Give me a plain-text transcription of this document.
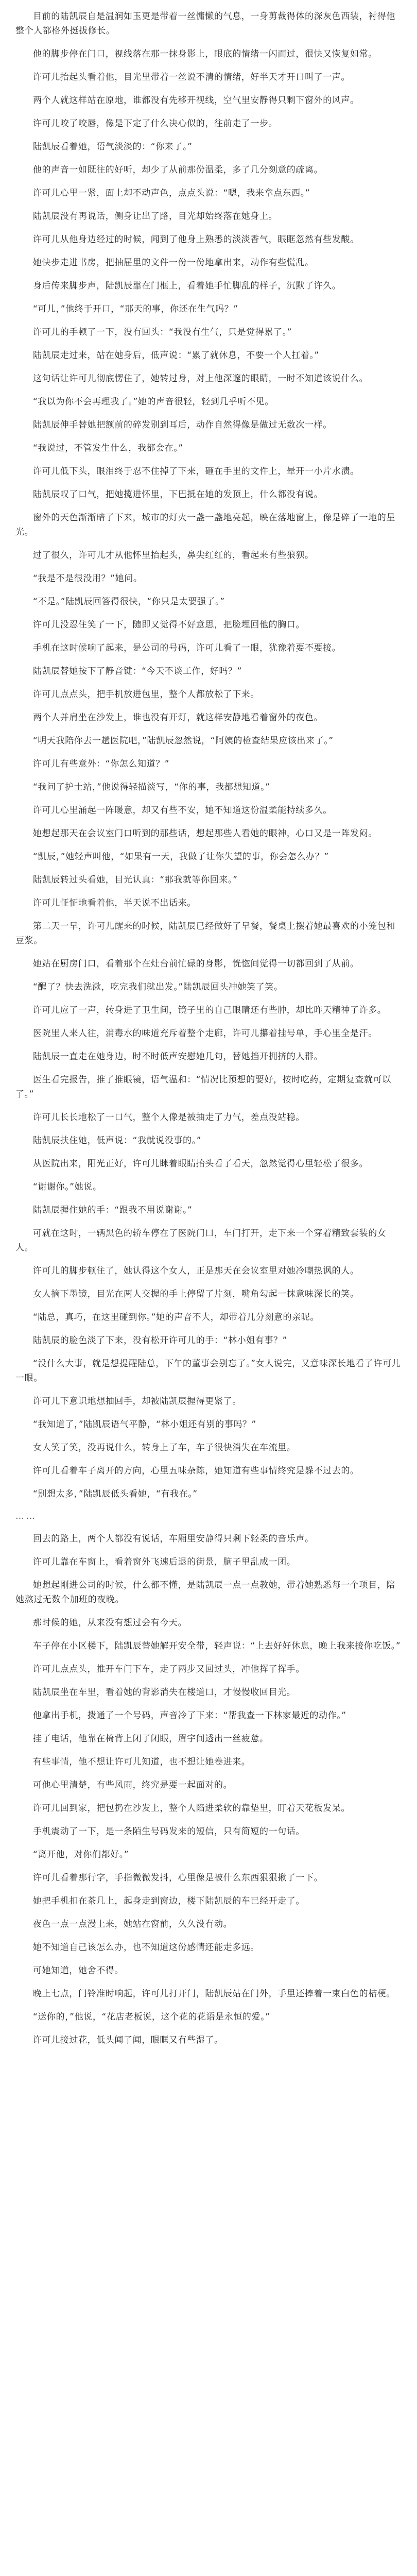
目前的陆凯辰自是温润如玉更是带着一丝慵懒的气息，一身剪裁得体的深灰色西装，衬得他整个人都格外挺拔修长。

他的脚步停在门口，视线落在那一抹身影上，眼底的情绪一闪而过，很快又恢复如常。

许可儿抬起头看着他，目光里带着一丝说不清的情绪，好半天才开口叫了一声。

两个人就这样站在原地，谁都没有先移开视线，空气里安静得只剩下窗外的风声。

许可儿咬了咬唇，像是下定了什么决心似的，往前走了一步。

陆凯辰看着她，语气淡淡的：“你来了。”

他的声音一如既往的好听，却少了从前那份温柔，多了几分刻意的疏离。

许可儿心里一紧，面上却不动声色，点点头说：“嗯，我来拿点东西。”

陆凯辰没有再说话，侧身让出了路，目光却始终落在她身上。

许可儿从他身边经过的时候，闻到了他身上熟悉的淡淡香气，眼眶忽然有些发酸。

她快步走进书房，把抽屉里的文件一份一份地拿出来，动作有些慌乱。

身后传来脚步声，陆凯辰靠在门框上，看着她手忙脚乱的样子，沉默了许久。

“可儿，”他终于开口，“那天的事，你还在生气吗？”

许可儿的手顿了一下，没有回头：“我没有生气，只是觉得累了。”

陆凯辰走过来，站在她身后，低声说：“累了就休息，不要一个人扛着。”

这句话让许可儿彻底愣住了，她转过身，对上他深邃的眼睛，一时不知道该说什么。

“我以为你不会再理我了。”她的声音很轻，轻到几乎听不见。

陆凯辰伸手替她把额前的碎发别到耳后，动作自然得像是做过无数次一样。

“我说过，不管发生什么，我都会在。”

许可儿低下头，眼泪终于忍不住掉了下来，砸在手里的文件上，晕开一小片水渍。

陆凯辰叹了口气，把她揽进怀里，下巴抵在她的发顶上，什么都没有说。

窗外的天色渐渐暗了下来，城市的灯火一盏一盏地亮起，映在落地窗上，像是碎了一地的星光。

过了很久，许可儿才从他怀里抬起头，鼻尖红红的，看起来有些狼狈。

“我是不是很没用？”她问。

“不是。”陆凯辰回答得很快，“你只是太要强了。”

许可儿没忍住笑了一下，随即又觉得不好意思，把脸埋回他的胸口。

手机在这时候响了起来，是公司的号码，许可儿看了一眼，犹豫着要不要接。

陆凯辰替她按下了静音键：“今天不谈工作，好吗？”

许可儿点点头，把手机放进包里，整个人都放松了下来。

两个人并肩坐在沙发上，谁也没有开灯，就这样安静地看着窗外的夜色。

“明天我陪你去一趟医院吧，”陆凯辰忽然说，“阿姨的检查结果应该出来了。”

许可儿有些意外：“你怎么知道？”

“我问了护士站，”他说得轻描淡写，“你的事，我都想知道。”

许可儿心里涌起一阵暖意，却又有些不安，她不知道这份温柔能持续多久。

她想起那天在会议室门口听到的那些话，想起那些人看她的眼神，心口又是一阵发闷。

“凯辰，”她轻声叫他，“如果有一天，我做了让你失望的事，你会怎么办？”

陆凯辰转过头看她，目光认真：“那我就等你回来。”

许可儿怔怔地看着他，半天说不出话来。

第二天一早，许可儿醒来的时候，陆凯辰已经做好了早餐，餐桌上摆着她最喜欢的小笼包和豆浆。

她站在厨房门口，看着那个在灶台前忙碌的身影，恍惚间觉得一切都回到了从前。

“醒了？快去洗漱，吃完我们就出发。”陆凯辰回头冲她笑了笑。

许可儿应了一声，转身进了卫生间，镜子里的自己眼睛还有些肿，却比昨天精神了许多。

医院里人来人往，消毒水的味道充斥着整个走廊，许可儿攥着挂号单，手心里全是汗。

陆凯辰一直走在她身边，时不时低声安慰她几句，替她挡开拥挤的人群。

医生看完报告，推了推眼镜，语气温和：“情况比预想的要好，按时吃药，定期复查就可以了。”

许可儿长长地松了一口气，整个人像是被抽走了力气，差点没站稳。

陆凯辰扶住她，低声说：“我就说没事的。”

从医院出来，阳光正好，许可儿眯着眼睛抬头看了看天，忽然觉得心里轻松了很多。

“谢谢你。”她说。

陆凯辰握住她的手：“跟我不用说谢谢。”

可就在这时，一辆黑色的轿车停在了医院门口，车门打开，走下来一个穿着精致套装的女人。

许可儿的脚步顿住了，她认得这个女人，正是那天在会议室里对她冷嘲热讽的人。

女人摘下墨镜，目光在两人交握的手上停留了片刻，嘴角勾起一抹意味深长的笑。

“陆总，真巧，在这里碰到你。”她的声音不大，却带着几分刻意的亲昵。

陆凯辰的脸色淡了下来，没有松开许可儿的手：“林小姐有事？”

“没什么大事，就是想提醒陆总，下午的董事会别忘了。”女人说完，又意味深长地看了许可儿一眼。

许可儿下意识地想抽回手，却被陆凯辰握得更紧了。

“我知道了，”陆凯辰语气平静，“林小姐还有别的事吗？”

女人笑了笑，没再说什么，转身上了车，车子很快消失在车流里。

许可儿看着车子离开的方向，心里五味杂陈，她知道有些事情终究是躲不过去的。

“别想太多，”陆凯辰低头看她，“有我在。”

……

回去的路上，两个人都没有说话，车厢里安静得只剩下轻柔的音乐声。

许可儿靠在车窗上，看着窗外飞速后退的街景，脑子里乱成一团。

她想起刚进公司的时候，什么都不懂，是陆凯辰一点一点教她，带着她熟悉每一个项目，陪她熬过无数个加班的夜晚。

那时候的她，从来没有想过会有今天。

车子停在小区楼下，陆凯辰替她解开安全带，轻声说：“上去好好休息，晚上我来接你吃饭。”

许可儿点点头，推开车门下车，走了两步又回过头，冲他挥了挥手。

陆凯辰坐在车里，看着她的背影消失在楼道口，才慢慢收回目光。

他拿出手机，拨通了一个号码，声音冷了下来：“帮我查一下林家最近的动作。”

挂了电话，他靠在椅背上闭了闭眼，眉宇间透出一丝疲惫。

有些事情，他不想让许可儿知道，也不想让她卷进来。

可他心里清楚，有些风雨，终究是要一起面对的。

许可儿回到家，把包扔在沙发上，整个人陷进柔软的靠垫里，盯着天花板发呆。

手机震动了一下，是一条陌生号码发来的短信，只有简短的一句话。

“离开他，对你们都好。”

许可儿看着那行字，手指微微发抖，心里像是被什么东西狠狠揪了一下。

她把手机扣在茶几上，起身走到窗边，楼下陆凯辰的车已经开走了。

夜色一点一点漫上来，她站在窗前，久久没有动。

她不知道自己该怎么办，也不知道这份感情还能走多远。

可她知道，她舍不得。

晚上七点，门铃准时响起，许可儿打开门，陆凯辰站在门外，手里还捧着一束白色的桔梗。

“送你的，”他说，“花店老板说，这个花的花语是永恒的爱。”

许可儿接过花，低头闻了闻，眼眶又有些湿了。
